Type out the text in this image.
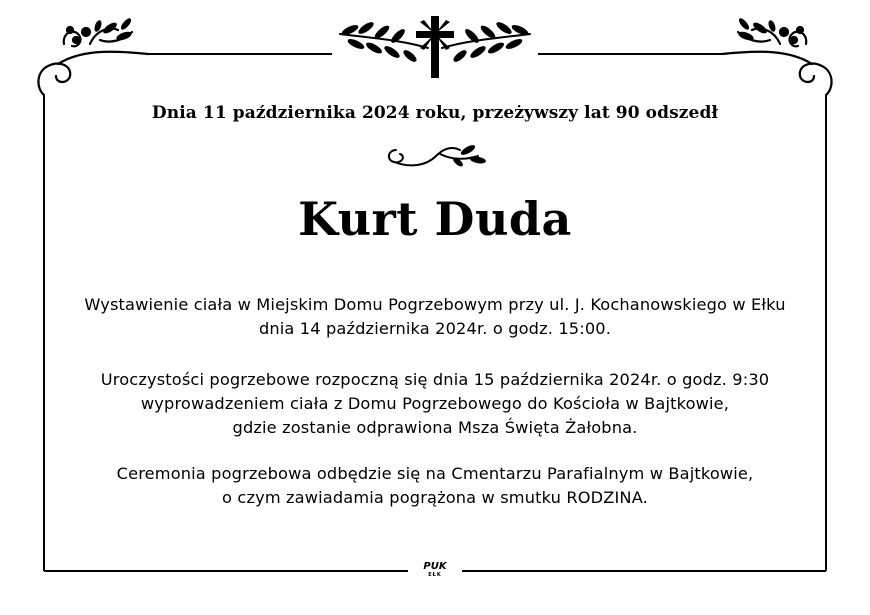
Dnia 11 października 2024 roku, przeżywszy lat 90 odszedł
Kurt Duda
Wystawienie ciała w Miejskim Domu Pogrzebowym przy ul. J. Kochanowskiego w Ełku
dnia 14 października 2024r. o godz. 15:00.
Uroczystości pogrzebowe rozpoczną się dnia 15 października 2024r. o godz. 9:30
wyprowadzeniem ciała z Domu Pogrzebowego do Kościoła w Bajtkowie,
gdzie zostanie odprawiona Msza Święta Żałobna.
Ceremonia pogrzebowa odbędzie się na Cmentarzu Parafialnym w Bajtkowie,
o czym zawiadamia pogrążona w smutku RODZINA.
PUK
EŁK
